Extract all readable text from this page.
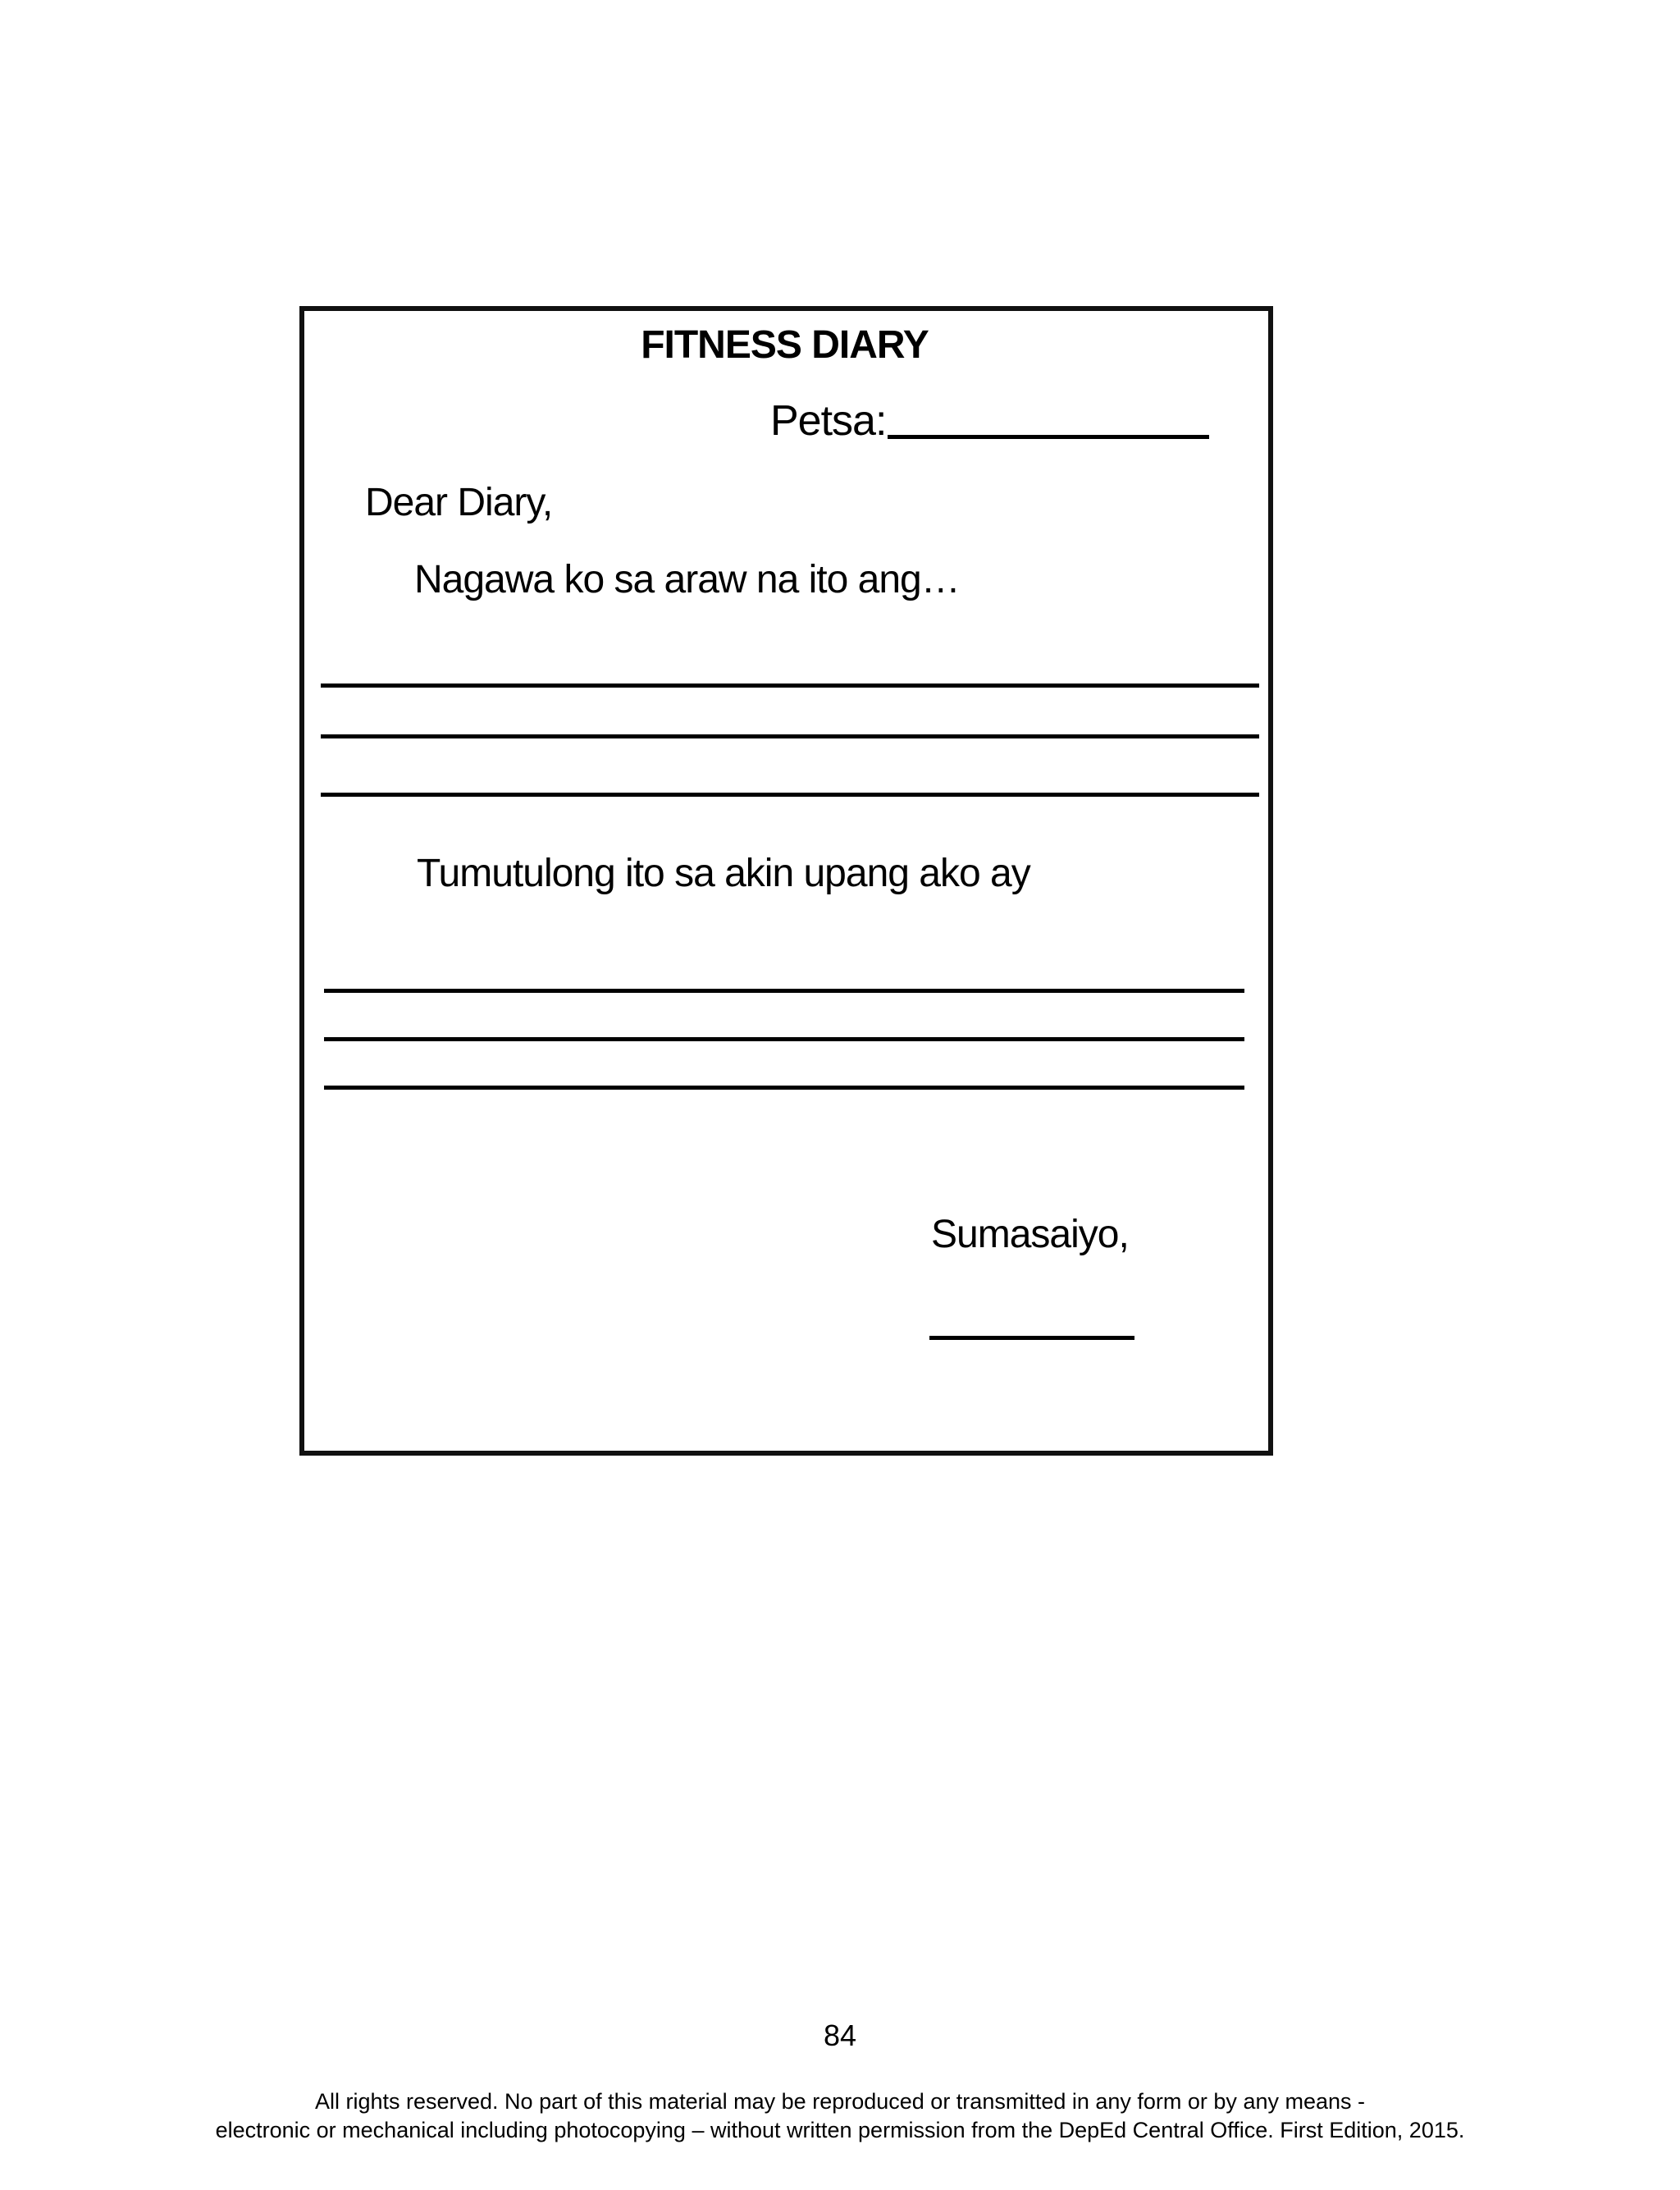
FITNESS DIARY
Petsa:
Dear Diary,
Nagawa ko sa araw na ito ang…
Tumutulong ito sa akin upang ako ay
Sumasaiyo,
84
All rights reserved. No part of this material may be reproduced or transmitted in any form or by any means -
electronic or mechanical including photocopying – without written permission from the DepEd Central Office. First Edition, 2015.
